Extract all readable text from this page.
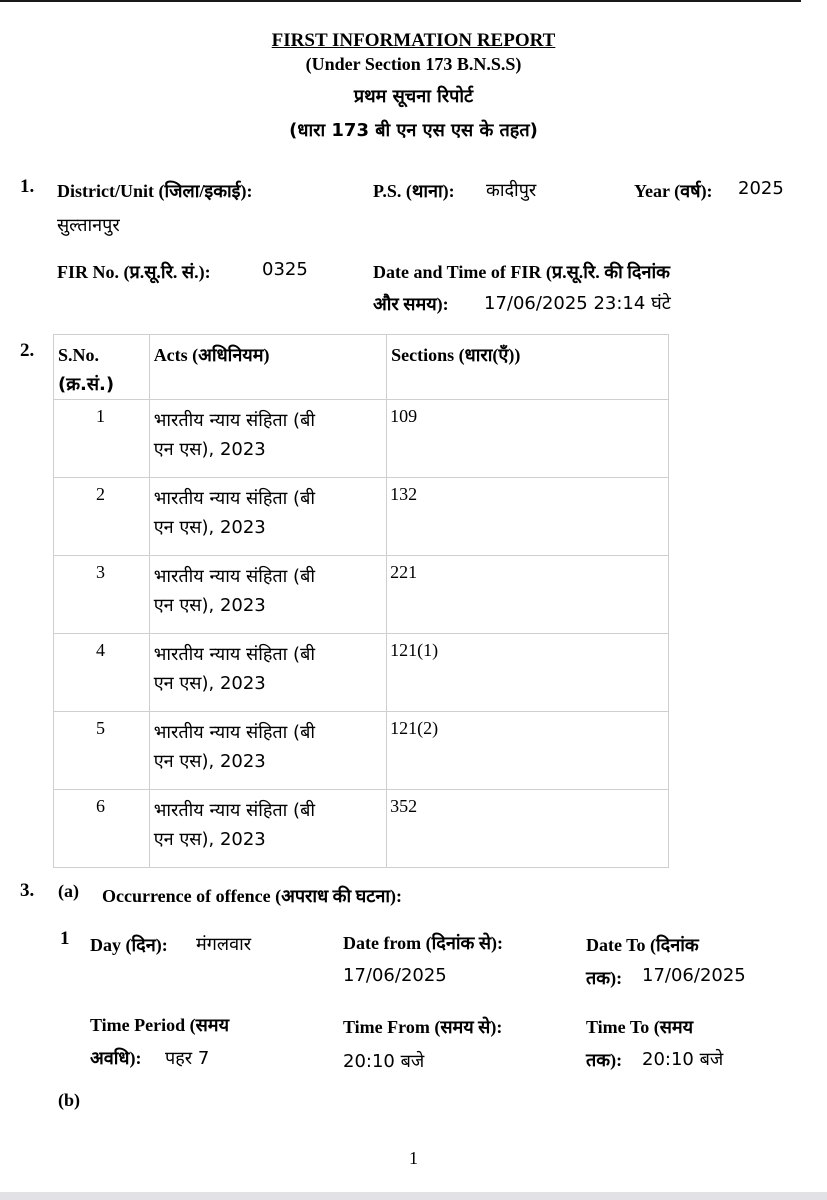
FIRST INFORMATION REPORT
(Under Section 173 B.N.S.S)
प्रथम सूचना रिपोर्ट
(धारा 173 बी एन एस एस के तहत)
1. District/Unit (जिला/इकाई):
सुल्तानपुर
P.S. (थाना): कादीपुर	Year (वर्ष): 2025
FIR No. (प्र.सू.रि. सं.):	0325	Date and Time of FIR (प्र.सू.रि. की दिनांक
और समय): 17/06/2025 23:14 घंटे
2. S.No.
(क्र.सं.)	Acts (अधिनियम)	Sections (धारा(एँ))

1	भारतीय न्याय संहिता (बी
एन एस), 2023	109

2	भारतीय न्याय संहिता (बी
एन एस), 2023	132

3	भारतीय न्याय संहिता (बी
एन एस), 2023	221

4	भारतीय न्याय संहिता (बी
एन एस), 2023	121(1)

5	भारतीय न्याय संहिता (बी
एन एस), 2023	121(2)

6	भारतीय न्याय संहिता (बी
एन एस), 2023	352
3. (a) Occurrence of offence (अपराध की घटना):
1 Day (दिन): मंगलवार	Date from (दिनांक से):
17/06/2025
Date To (दिनांक
तक): 17/06/2025
Time Period (समय
अवधि): पहर 7
Time From (समय से):
20:10 बजे
Time To (समय
तक): 20:10 बजे
(b)
1
